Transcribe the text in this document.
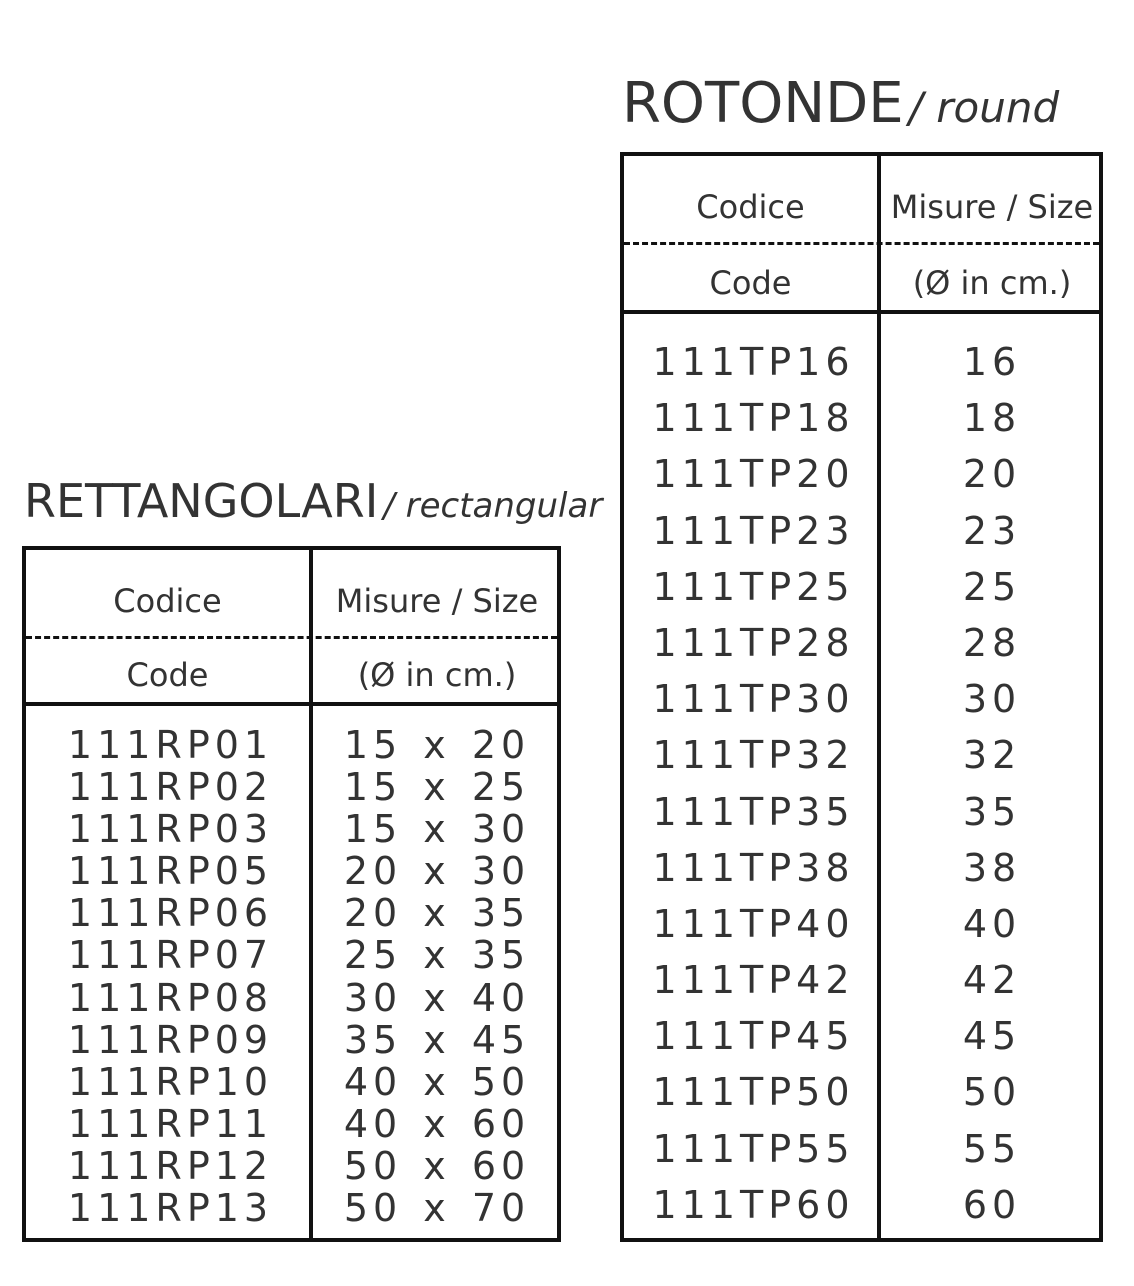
ROTONDE / round
Codice
Code
Misure / Size
(Ø in cm.)
111TP16	16
111TP18	18
111TP20	20
111TP23	23
111TP25	25
111TP28	28
111TP30	30
111TP32	32
111TP35	35
111TP38	38
111TP40	40
111TP42	42
111TP45	45
111TP50	50
111TP55	55
111TP60	60
RETTANGOLARI / rectangular
Codice
Code
Misure / Size
(Ø in cm.)
111RP01	15 x 20
111RP02	15 x 25
111RP03	15 x 30
111RP05	20 x 30
111RP06	20 x 35
111RP07	25 x 35
111RP08	30 x 40
111RP09	35 x 45
111RP10	40 x 50
111RP11	40 x 60
111RP12	50 x 60
111RP13	50 x 70
